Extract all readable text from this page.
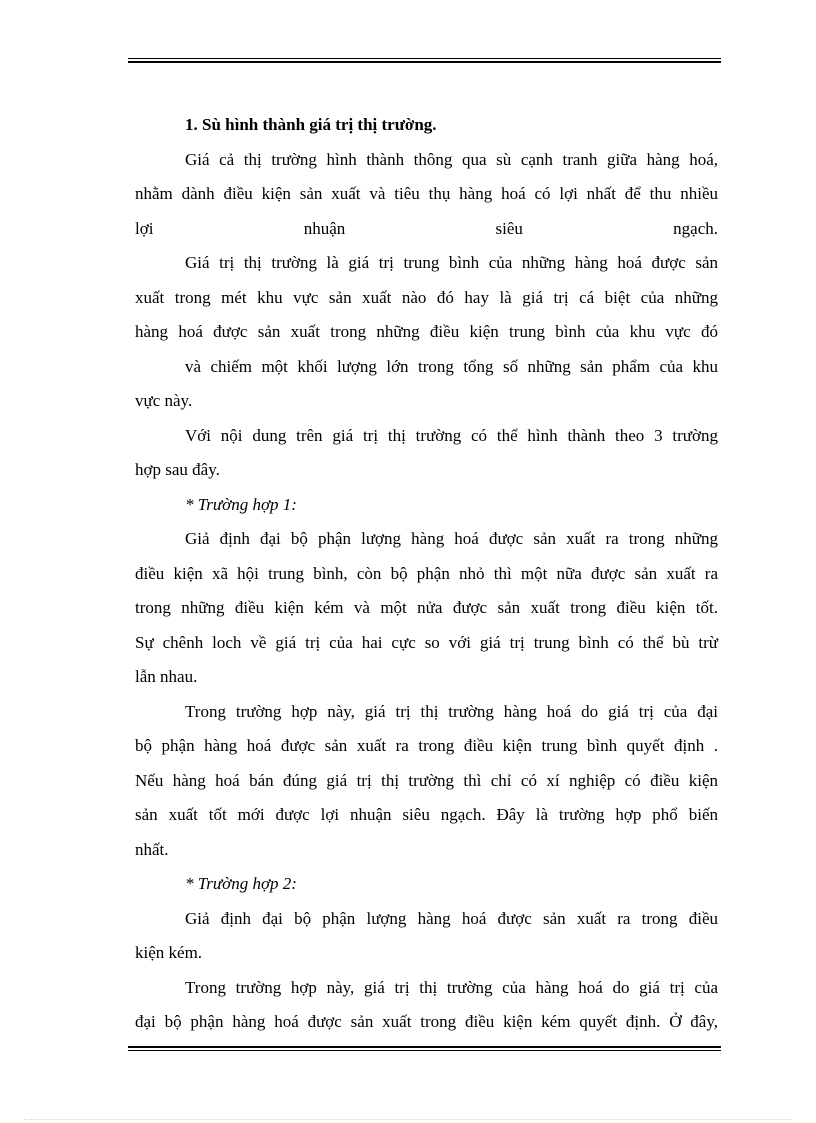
1. Sù hình thành giá trị thị trường.
Giá cả thị trường hình thành thông qua sù cạnh tranh giữa hàng hoá,
nhằm dành điều kiện sản xuất và tiêu thụ hàng hoá có lợi nhất để thu nhiều
lợi nhuận siêu ngạch.
Giá trị thị trường là giá trị trung bình của những hàng hoá được sản
xuất trong mét khu vực sản xuất nào đó hay là giá trị cá biệt của những
hàng hoá được sản xuất trong những điều kiện trung bình của khu vực đó
và chiếm một khối lượng lớn trong tổng số những sản phẩm của khu
vực này.
Với nội dung trên giá trị thị trường có thể hình thành theo 3 trường
hợp sau đây.
* Trường hợp 1:
Giả định đại bộ phận lượng hàng hoá được sản xuất ra trong những
điều kiện xã hội trung bình, còn bộ phận nhỏ thì một nữa được sản xuất ra
trong những điều kiện kém và một nửa được sản xuất trong điều kiện tốt.
Sự chênh loch về giá trị của hai cực so với giá trị trung bình có thể bù trừ
lẫn nhau.
Trong trường hợp này, giá trị thị trường hàng hoá do giá trị của đại
bộ phận hàng hoá được sản xuất ra trong điều kiện trung bình quyết định .
Nếu hàng hoá bán đúng giá trị thị trường thì chỉ có xí nghiệp có điều kiện
sản xuất tốt mới được lợi nhuận siêu ngạch. Đây là trường hợp phổ biến
nhất.
* Trường hợp 2:
Giả định đại bộ phận lượng hàng hoá được sản xuất ra trong điều
kiện kém.
Trong trường hợp này, giá trị thị trường của hàng hoá do giá trị của
đại bộ phận hàng hoá được sản xuất trong điều kiện kém quyết định. Ở đây,
